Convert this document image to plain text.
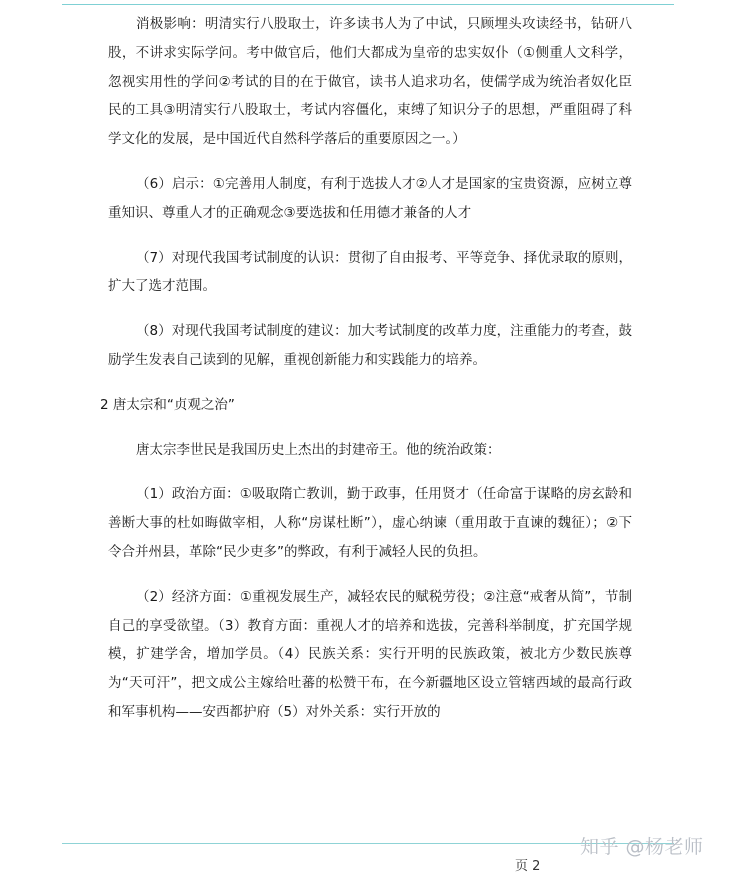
消极影响：明清实行八股取士，许多读书人为了中试，只顾埋头攻读经书，钻研八股，不讲求实际学问。考中做官后，他们大都成为皇帝的忠实奴仆（①侧重人文科学，忽视实用性的学问②考试的目的在于做官，读书人追求功名，使儒学成为统治者奴化臣民的工具③明清实行八股取士，考试内容僵化，束缚了知识分子的思想，严重阻碍了科学文化的发展，是中国近代自然科学落后的重要原因之一。）

（6）启示：①完善用人制度，有利于选拔人才②人才是国家的宝贵资源，应树立尊重知识、尊重人才的正确观念③要选拔和任用德才兼备的人才

（7）对现代我国考试制度的认识：贯彻了自由报考、平等竞争、择优录取的原则，扩大了选才范围。

（8）对现代我国考试制度的建议：加大考试制度的改革力度，注重能力的考查，鼓励学生发表自己读到的见解，重视创新能力和实践能力的培养。

2 唐太宗和“贞观之治”

唐太宗李世民是我国历史上杰出的封建帝王。他的统治政策：

（1）政治方面：①吸取隋亡教训，勤于政事，任用贤才（任命富于谋略的房玄龄和善断大事的杜如晦做宰相，人称“房谋杜断”），虚心纳谏（重用敢于直谏的魏征）；②下令合并州县，革除“民少吏多”的弊政，有利于减轻人民的负担。

（2）经济方面：①重视发展生产，减轻农民的赋税劳役；②注意“戒奢从简”，节制自己的享受欲望。（3）教育方面：重视人才的培养和选拔，完善科举制度，扩充国学规模，扩建学舍，增加学员。（4）民族关系：实行开明的民族政策，被北方少数民族尊为“天可汗”，把文成公主嫁给吐蕃的松赞干布，在今新疆地区设立管辖西域的最高行政和军事机构——安西都护府（5）对外关系：实行开放的

知乎 @杨老师
页 2
